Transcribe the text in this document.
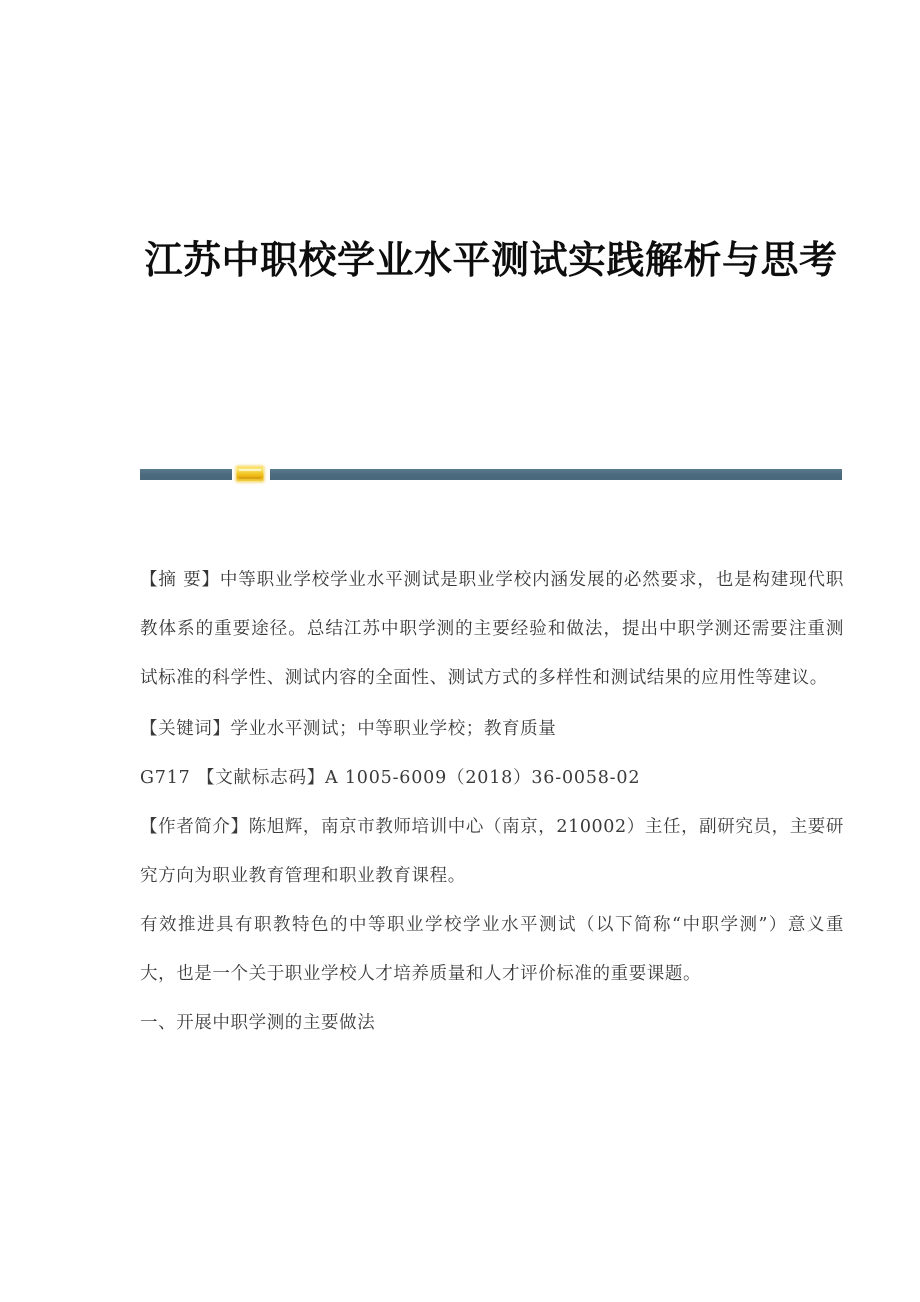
江苏中职校学业水平测试实践解析与思考

【摘 要】中等职业学校学业水平测试是职业学校内涵发展的必然要求，也是构建现代职教体系的重要途径。总结江苏中职学测的主要经验和做法，提出中职学测还需要注重测试标准的科学性、测试内容的全面性、测试方式的多样性和测试结果的应用性等建议。

【关键词】学业水平测试；中等职业学校；教育质量

G717 【文献标志码】A 1005-6009（2018）36-0058-02

【作者简介】陈旭辉，南京市教师培训中心（南京，210002）主任，副研究员，主要研究方向为职业教育管理和职业教育课程。

有效推进具有职教特色的中等职业学校学业水平测试（以下简称“中职学测”）意义重大，也是一个关于职业学校人才培养质量和人才评价标准的重要课题。

一、开展中职学测的主要做法
